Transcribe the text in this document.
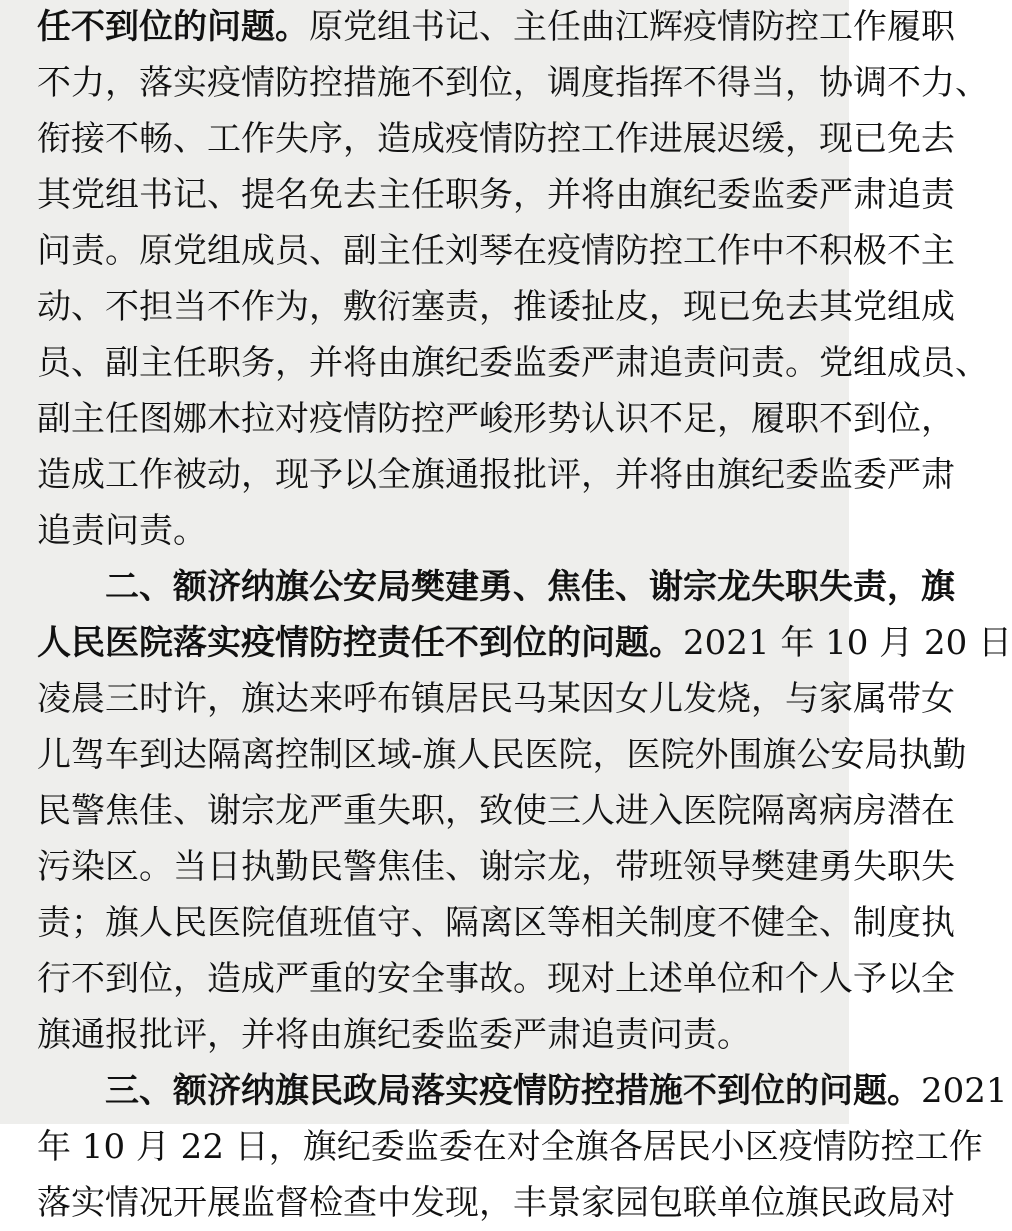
任不到位的问题。原党组书记、主任曲江辉疫情防控工作履职
不力，落实疫情防控措施不到位，调度指挥不得当，协调不力、
衔接不畅、工作失序，造成疫情防控工作进展迟缓，现已免去
其党组书记、提名免去主任职务，并将由旗纪委监委严肃追责
问责。原党组成员、副主任刘琴在疫情防控工作中不积极不主
动、不担当不作为，敷衍塞责，推诿扯皮，现已免去其党组成
员、副主任职务，并将由旗纪委监委严肃追责问责。党组成员、
副主任图娜木拉对疫情防控严峻形势认识不足，履职不到位，
造成工作被动，现予以全旗通报批评，并将由旗纪委监委严肃
追责问责。
二、额济纳旗公安局樊建勇、焦佳、谢宗龙失职失责，旗
人民医院落实疫情防控责任不到位的问题。2021 年 10 月 20 日
凌晨三时许，旗达来呼布镇居民马某因女儿发烧，与家属带女
儿驾车到达隔离控制区域-旗人民医院，医院外围旗公安局执勤
民警焦佳、谢宗龙严重失职，致使三人进入医院隔离病房潜在
污染区。当日执勤民警焦佳、谢宗龙，带班领导樊建勇失职失
责；旗人民医院值班值守、隔离区等相关制度不健全、制度执
行不到位，造成严重的安全事故。现对上述单位和个人予以全
旗通报批评，并将由旗纪委监委严肃追责问责。
三、额济纳旗民政局落实疫情防控措施不到位的问题。2021
年 10 月 22 日，旗纪委监委在对全旗各居民小区疫情防控工作
落实情况开展监督检查中发现，丰景家园包联单位旗民政局对
